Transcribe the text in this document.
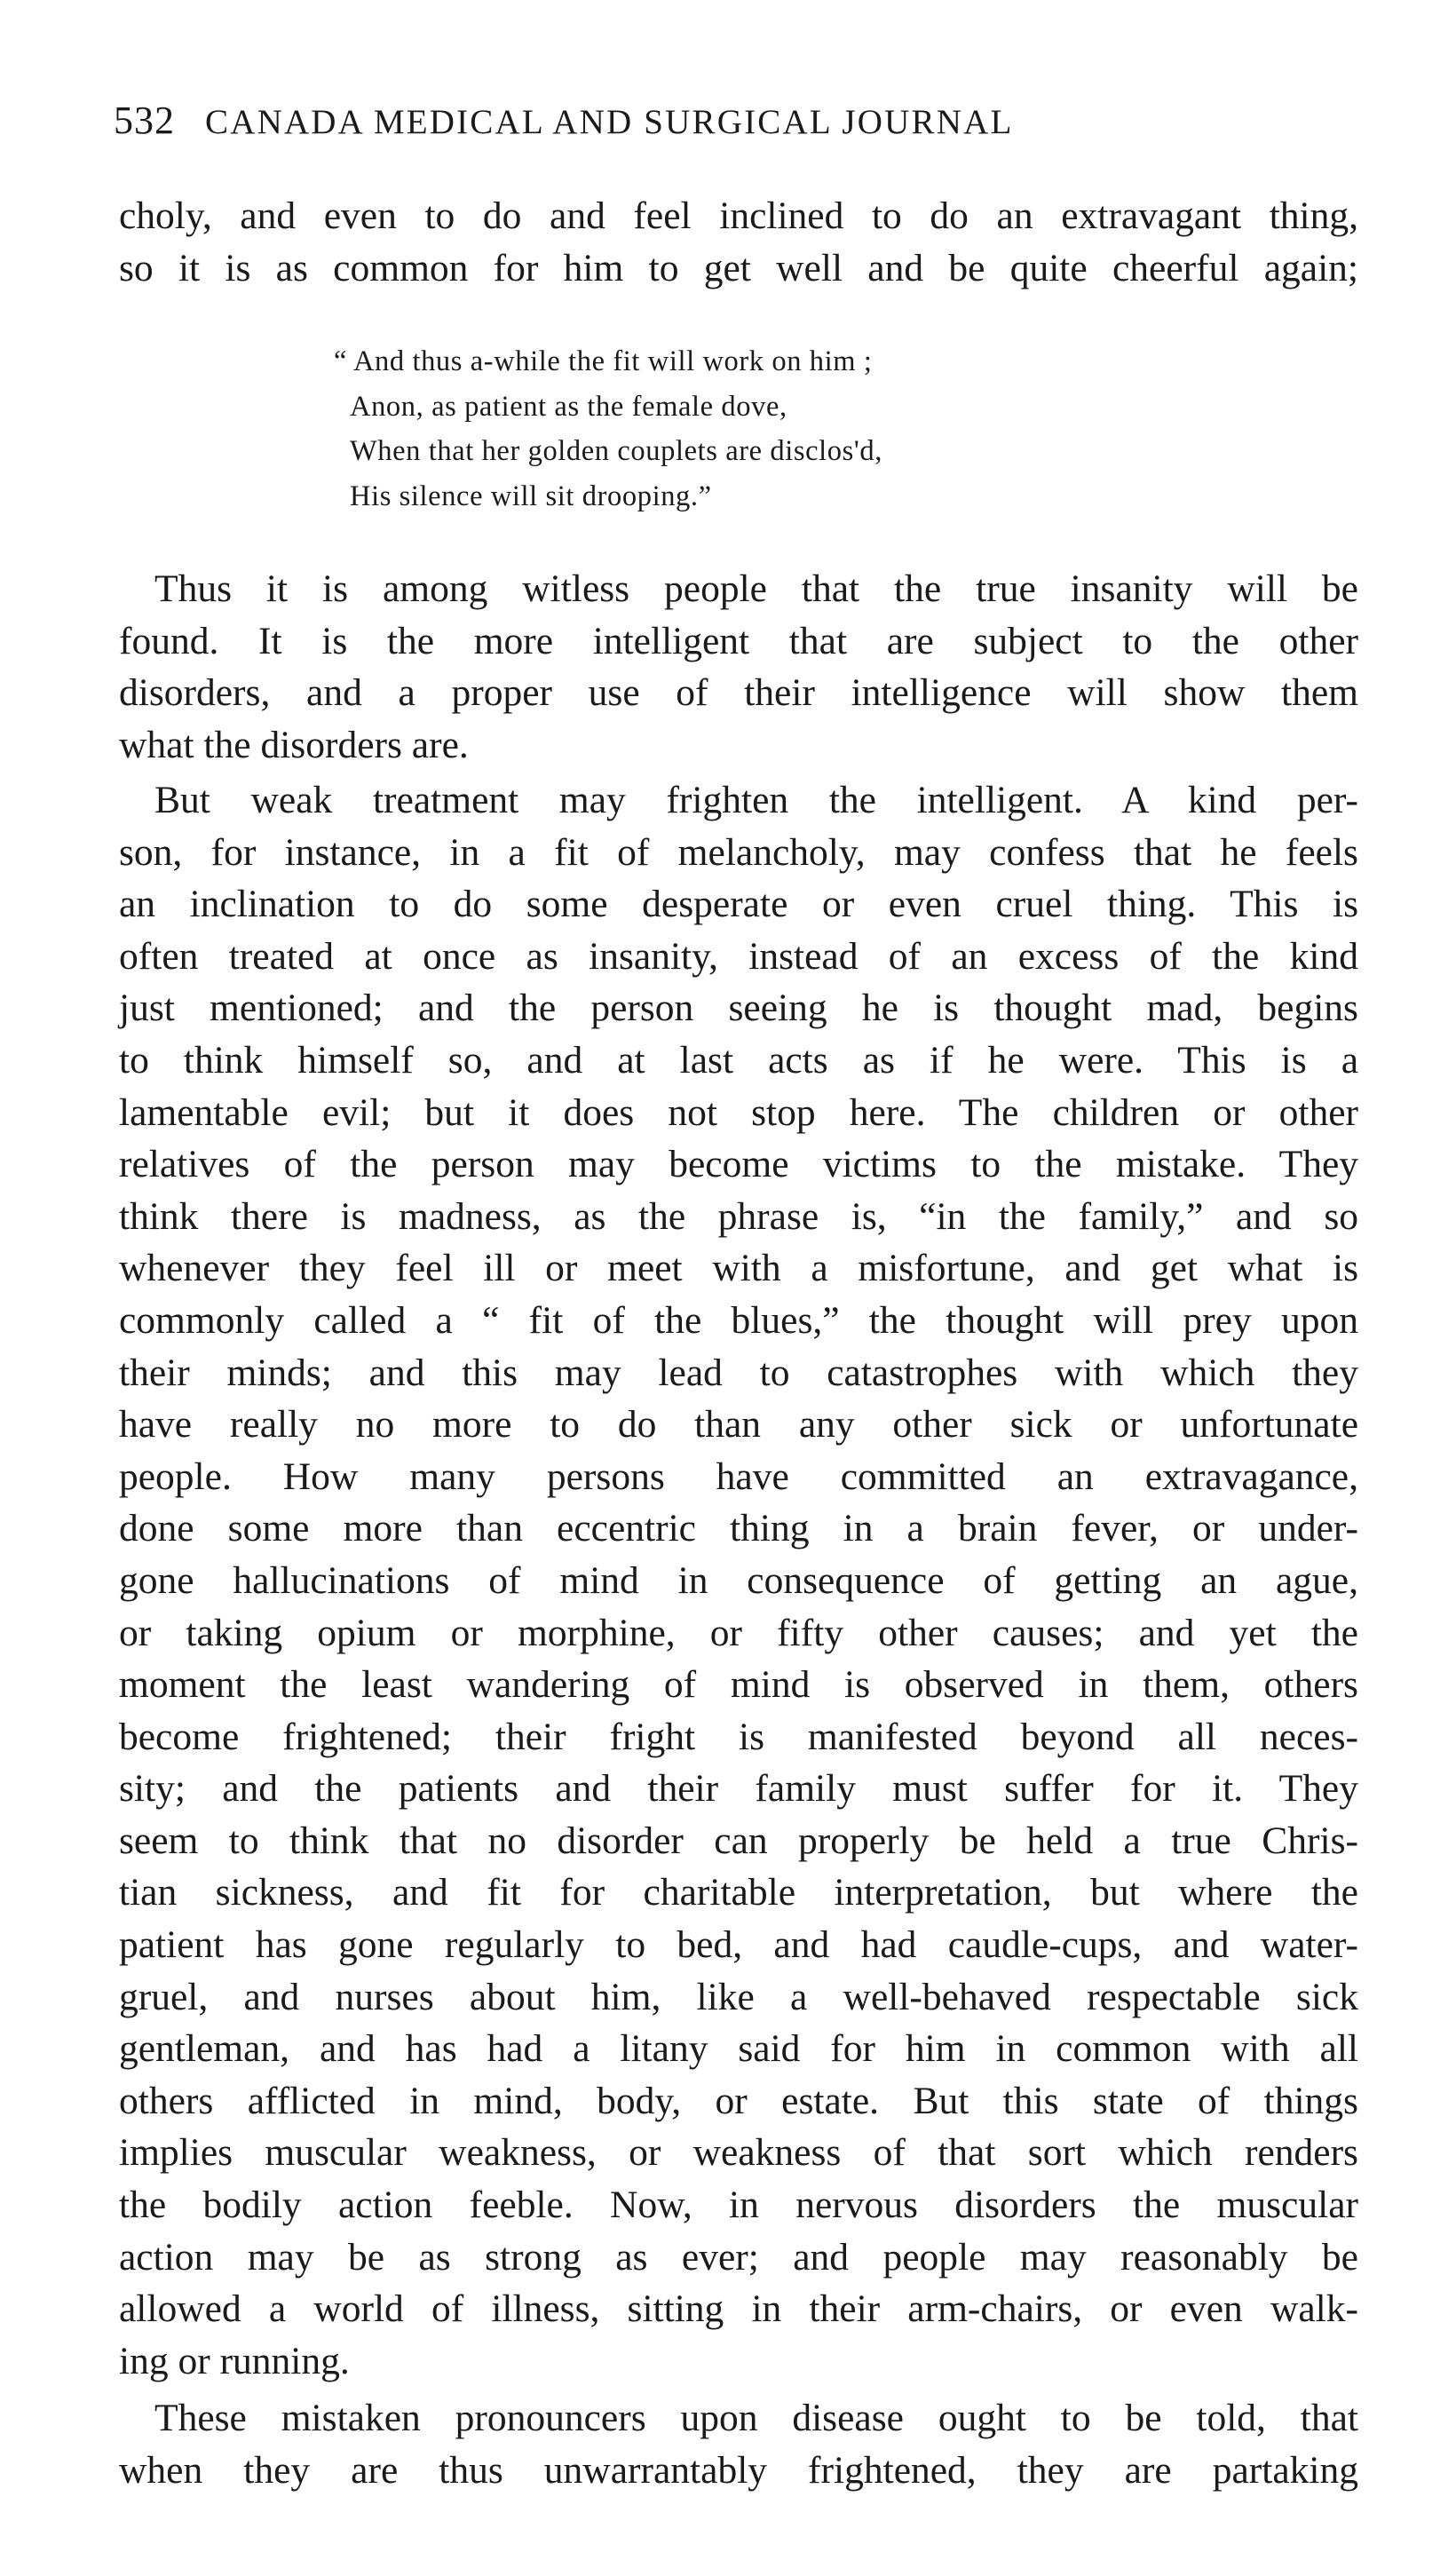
532 CANADA MEDICAL AND SURGICAL JOURNAL
choly, and even to do and feel inclined to do an extravagant thing,
so it is as common for him to get well and be quite cheerful again;
“ And thus a-while the fit will work on him ;
Anon, as patient as the female dove,
When that her golden couplets are disclos'd,
His silence will sit drooping.”
Thus it is among witless people that the true insanity will be
found. It is the more intelligent that are subject to the other
disorders, and a proper use of their intelligence will show them
what the disorders are.
But weak treatment may frighten the intelligent. A kind per-
son, for instance, in a fit of melancholy, may confess that he feels
an inclination to do some desperate or even cruel thing. This is
often treated at once as insanity, instead of an excess of the kind
just mentioned; and the person seeing he is thought mad, begins
to think himself so, and at last acts as if he were. This is a
lamentable evil; but it does not stop here. The children or other
relatives of the person may become victims to the mistake. They
think there is madness, as the phrase is, “in the family,” and so
whenever they feel ill or meet with a misfortune, and get what is
commonly called a “ fit of the blues,” the thought will prey upon
their minds; and this may lead to catastrophes with which they
have really no more to do than any other sick or unfortunate
people. How many persons have committed an extravagance,
done some more than eccentric thing in a brain fever, or under-
gone hallucinations of mind in consequence of getting an ague,
or taking opium or morphine, or fifty other causes; and yet the
moment the least wandering of mind is observed in them, others
become frightened; their fright is manifested beyond all neces-
sity; and the patients and their family must suffer for it. They
seem to think that no disorder can properly be held a true Chris-
tian sickness, and fit for charitable interpretation, but where the
patient has gone regularly to bed, and had caudle-cups, and water-
gruel, and nurses about him, like a well-behaved respectable sick
gentleman, and has had a litany said for him in common with all
others afflicted in mind, body, or estate. But this state of things
implies muscular weakness, or weakness of that sort which renders
the bodily action feeble. Now, in nervous disorders the muscular
action may be as strong as ever; and people may reasonably be
allowed a world of illness, sitting in their arm-chairs, or even walk-
ing or running.
These mistaken pronouncers upon disease ought to be told, that
when they are thus unwarrantably frightened, they are partaking
